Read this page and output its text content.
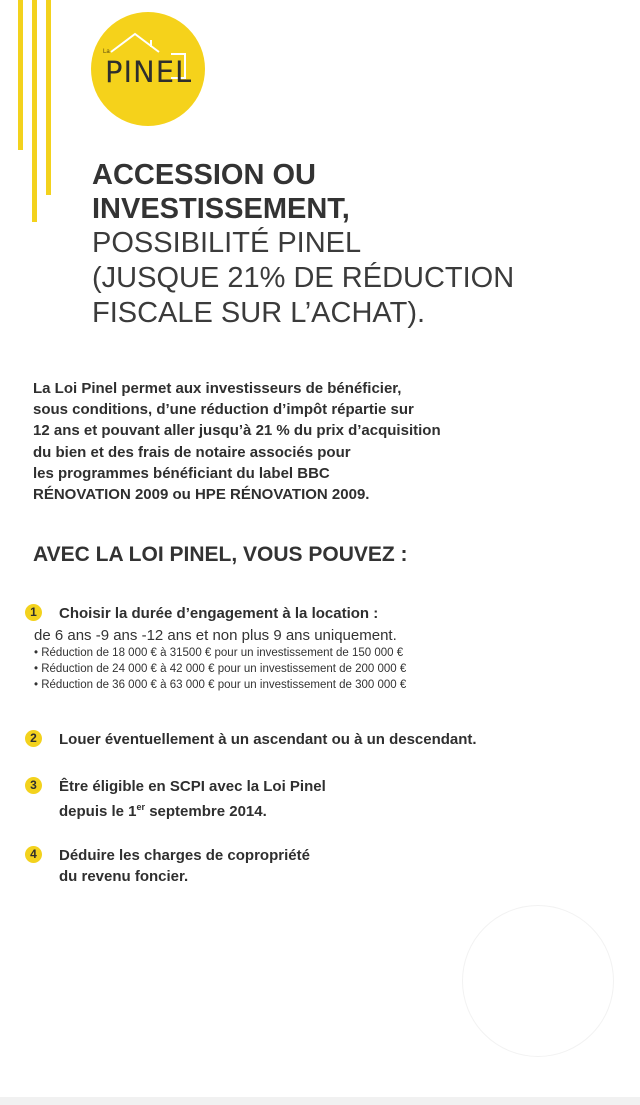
La
PINEL
ACCESSION OU
INVESTISSEMENT,
POSSIBILITÉ PINEL
(JUSQUE 21% DE RÉDUCTION
FISCALE SUR L’ACHAT).
La Loi Pinel permet aux investisseurs de bénéficier,
sous conditions, d’une réduction d’impôt répartie sur
12 ans et pouvant aller jusqu’à 21 % du prix d’acquisition
du bien et des frais de notaire associés pour
les programmes bénéficiant du label BBC
RÉNOVATION 2009 ou HPE RÉNOVATION 2009.
AVEC LA LOI PINEL, VOUS POUVEZ :
1	Choisir la durée d’engagement à la location :
de 6 ans -9 ans -12 ans et non plus 9 ans uniquement.
• Réduction de 18 000 € à 31500 € pour un investissement de 150 000 €
• Réduction de 24 000 € à 42 000 € pour un investissement de 200 000 €
• Réduction de 36 000 € à 63 000 € pour un investissement de 300 000 €
2	Louer éventuellement à un ascendant ou à un descendant.
3	Être éligible en SCPI avec la Loi Pinel
depuis le 1er septembre 2014.
4	Déduire les charges de copropriété
du revenu foncier.
